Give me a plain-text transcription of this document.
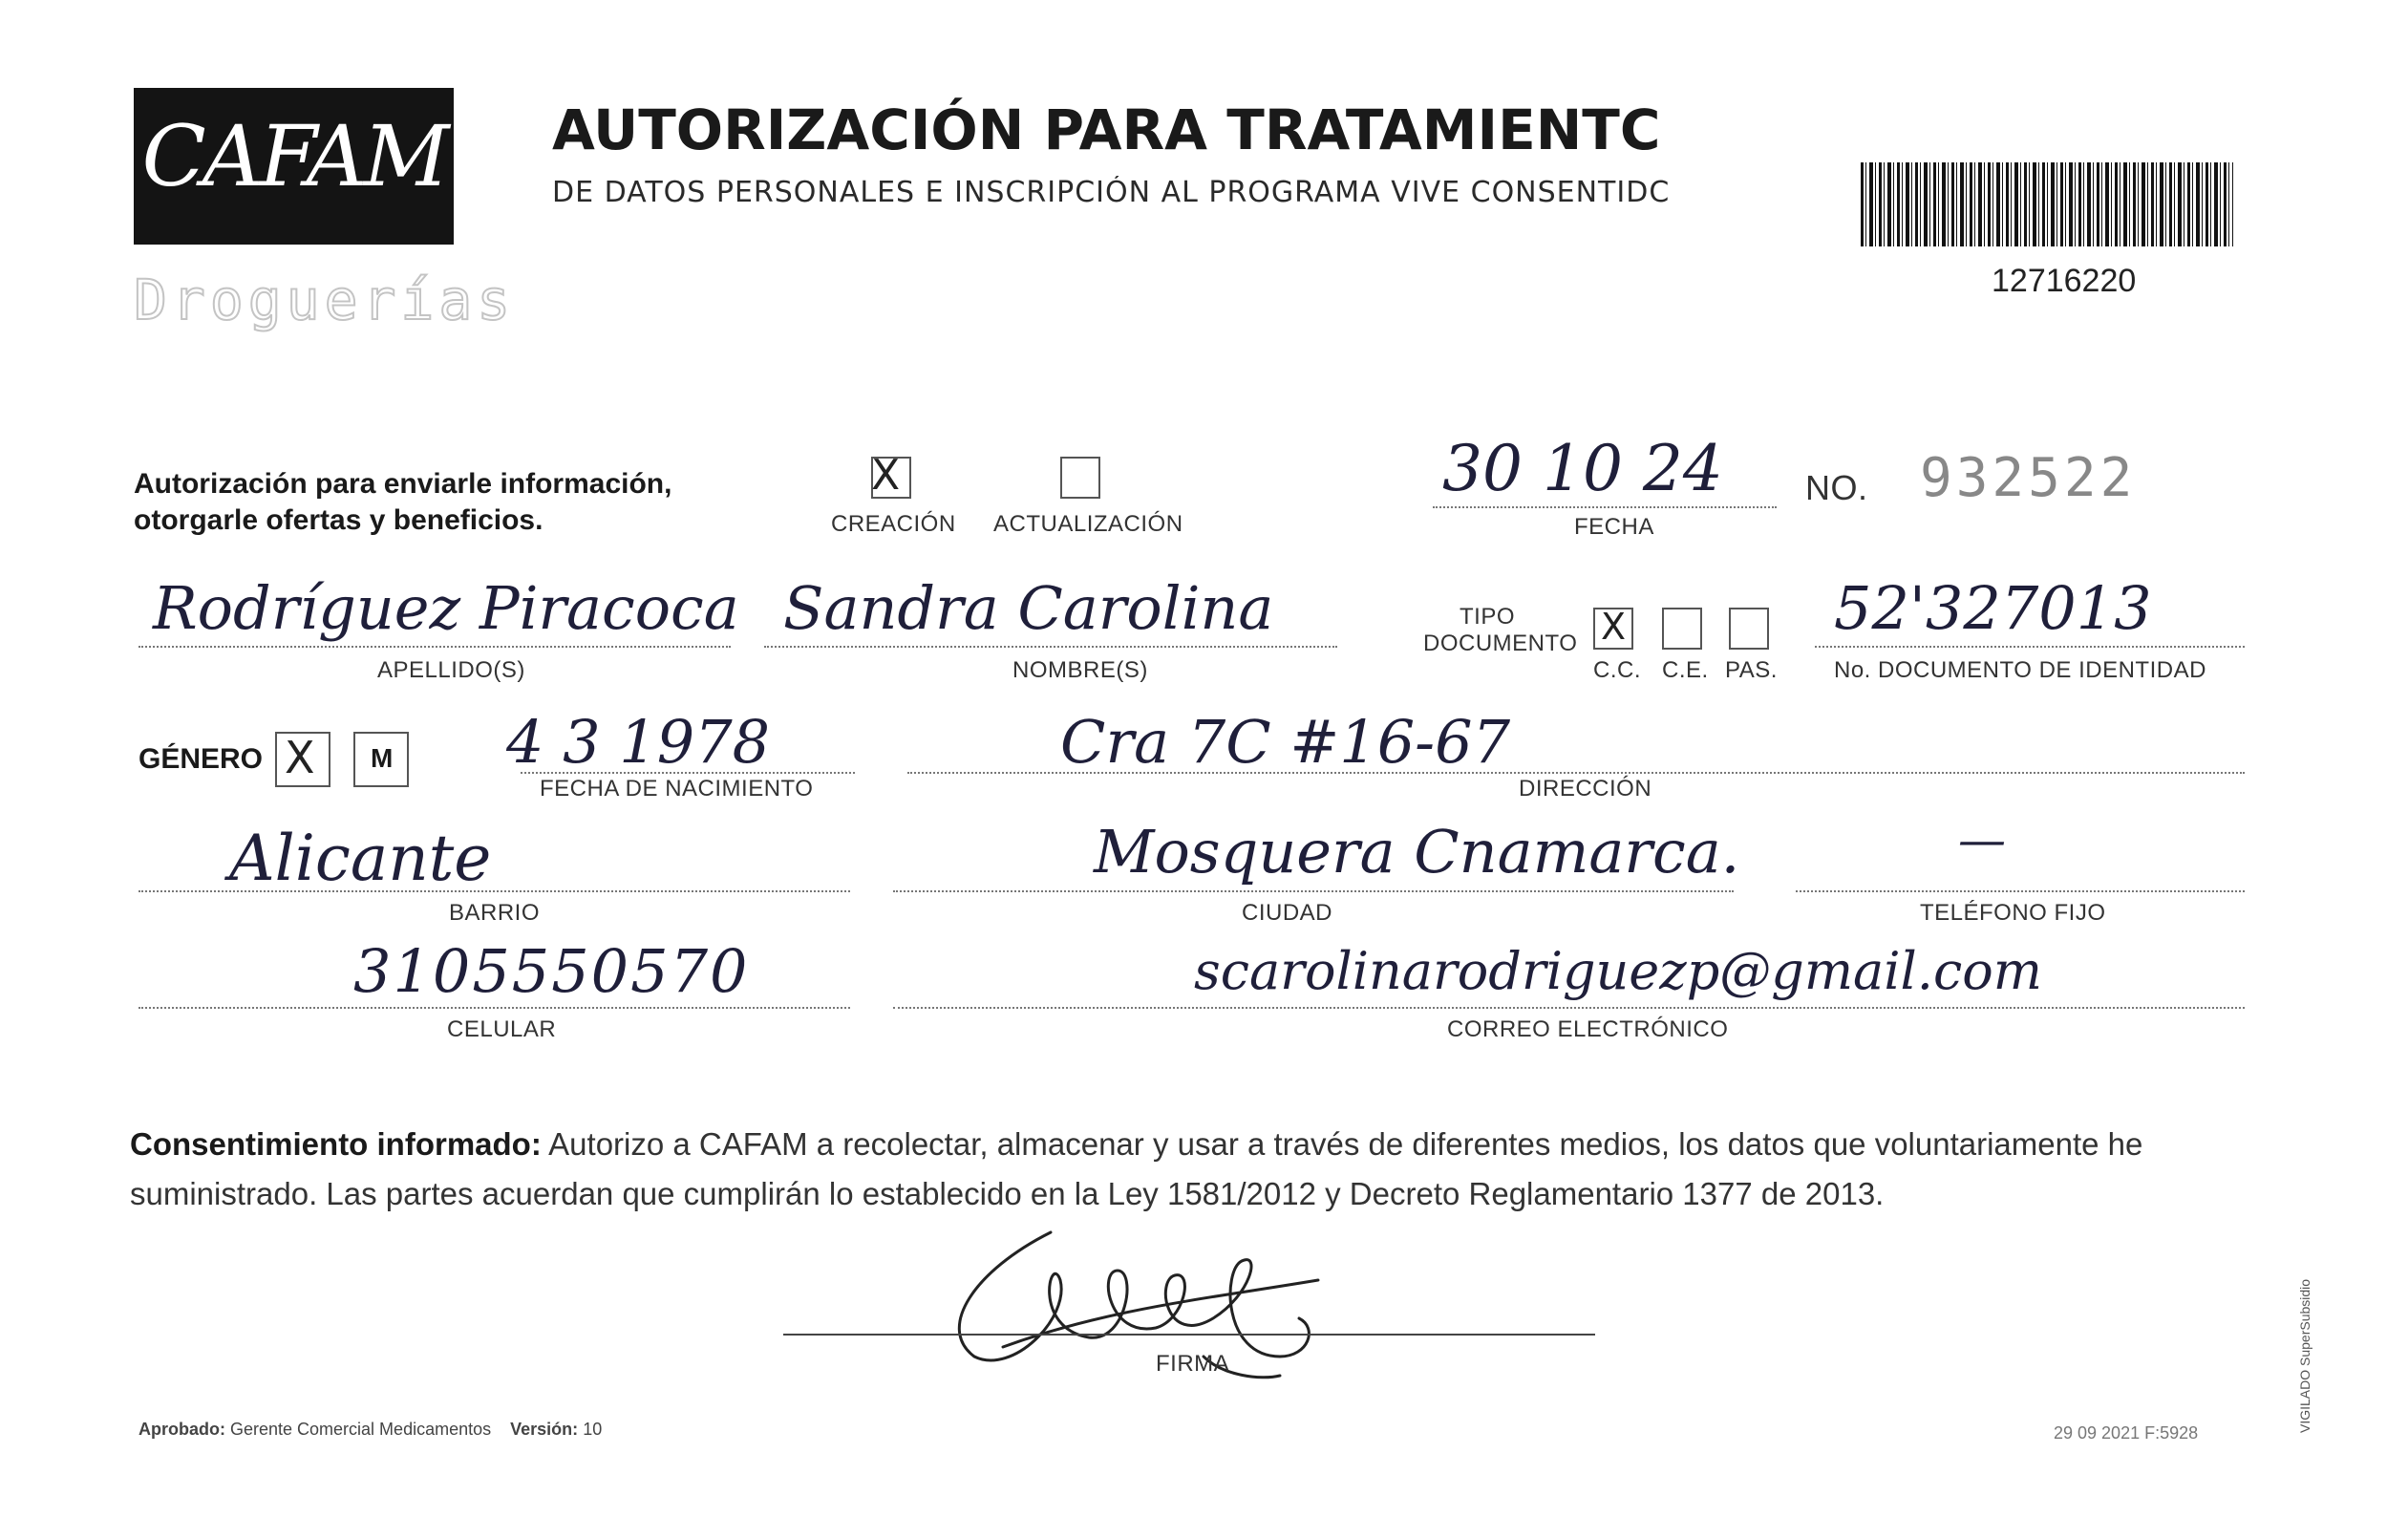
CAFAM
Droguerías
AUTORIZACIÓN PARA TRATAMIENTC
DE DATOS PERSONALES E INSCRIPCIÓN AL PROGRAMA VIVE CONSENTIDC
12716220
Autorización para enviarle información,
otorgarle ofertas y beneficios.
X
CREACIÓN ACTUALIZACIÓN
30 10 24
FECHA
NO. 932522
Rodríguez Piracoca
APELLIDO(S)
Sandra Carolina
NOMBRE(S)
TIPO
DOCUMENTO X
C.C. C.E. PAS.
52'327013
No. DOCUMENTO DE IDENTIDAD
GÉNERO X M 4 3 1978
FECHA DE NACIMIENTO
Cra 7C #16-67
DIRECCIÓN
Alicante
BARRIO
Mosquera Cnamarca.
CIUDAD
—
TELÉFONO FIJO
3105550570
CELULAR
scarolinarodriguezp@gmail.com
CORREO ELECTRÓNICO
Consentimiento informado: Autorizo a CAFAM a recolectar, almacenar y usar a través de diferentes medios, los datos que voluntariamente he suministrado. Las partes acuerdan que cumplirán lo establecido en la Ley 1581/2012 y Decreto Reglamentario 1377 de 2013.
FIRMA
Aprobado: Gerente Comercial Medicamentos Versión: 10	29 09 2021 F:5928	VIGILADO SuperSubsidio
